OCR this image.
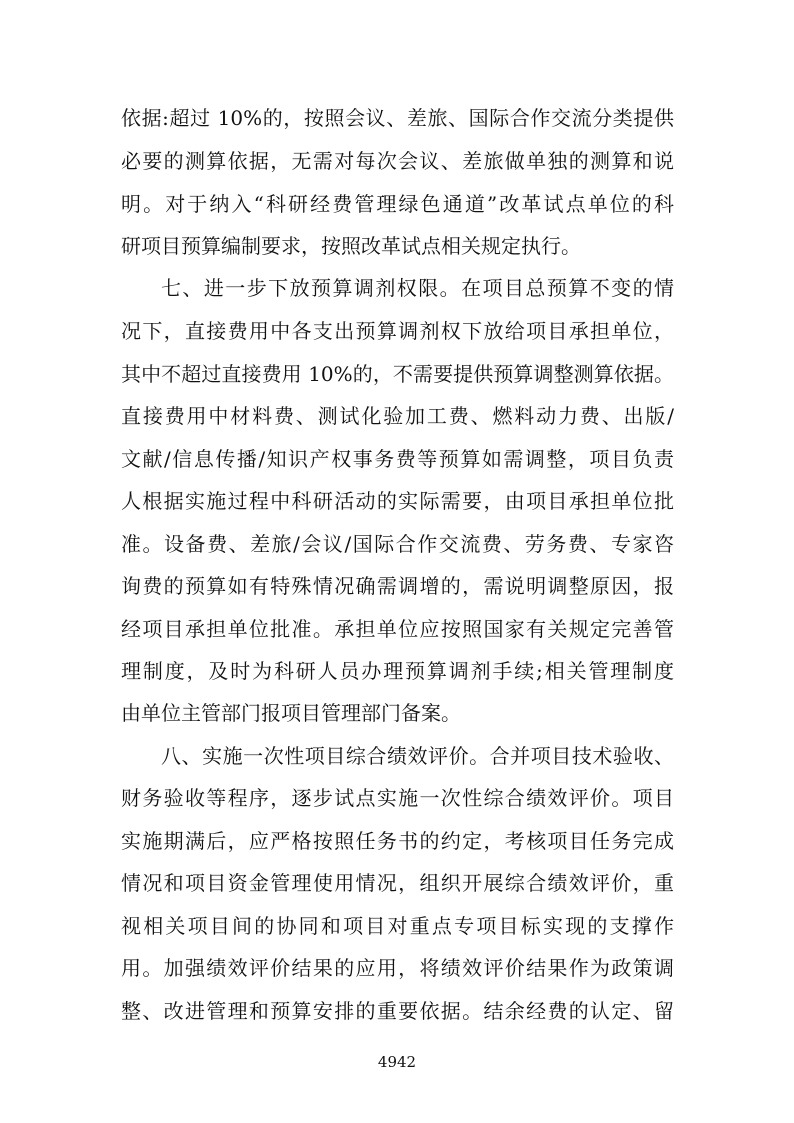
依据:超过 10%的，按照会议、差旅、国际合作交流分类提供
必要的测算依据，无需对每次会议、差旅做单独的测算和说
明。对于纳入“科研经费管理绿色通道”改革试点单位的科
研项目预算编制要求，按照改革试点相关规定执行。
七、进一步下放预算调剂权限。在项目总预算不变的情
况下，直接费用中各支出预算调剂权下放给项目承担单位，
其中不超过直接费用 10%的，不需要提供预算调整测算依据。
直接费用中材料费、测试化验加工费、燃料动力费、出版/
文献/信息传播/知识产权事务费等预算如需调整，项目负责
人根据实施过程中科研活动的实际需要，由项目承担单位批
准。设备费、差旅/会议/国际合作交流费、劳务费、专家咨
询费的预算如有特殊情况确需调增的，需说明调整原因，报
经项目承担单位批准。承担单位应按照国家有关规定完善管
理制度，及时为科研人员办理预算调剂手续;相关管理制度
由单位主管部门报项目管理部门备案。
八、实施一次性项目综合绩效评价。合并项目技术验收、
财务验收等程序，逐步试点实施一次性综合绩效评价。项目
实施期满后，应严格按照任务书的约定，考核项目任务完成
情况和项目资金管理使用情况，组织开展综合绩效评价，重
视相关项目间的协同和项目对重点专项目标实现的支撑作
用。加强绩效评价结果的应用，将绩效评价结果作为政策调
整、改进管理和预算安排的重要依据。结余经费的认定、留
4942
